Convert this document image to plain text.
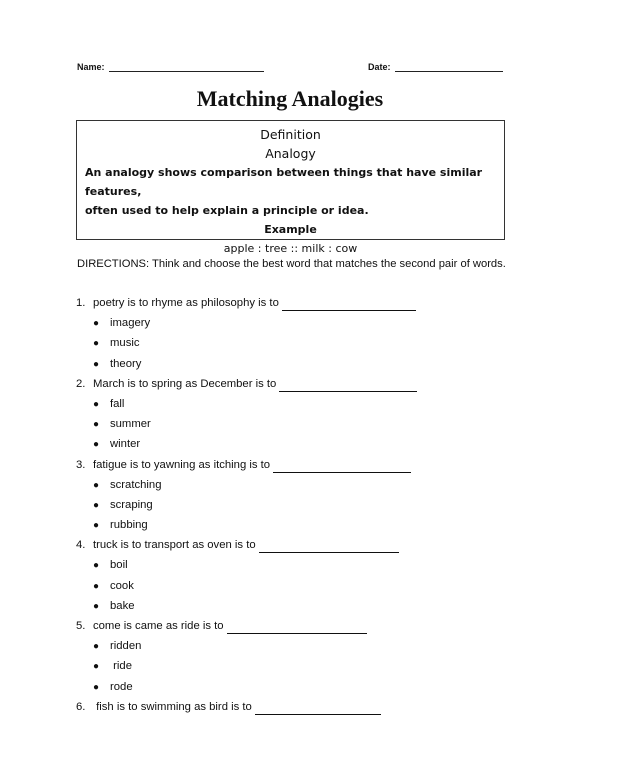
Name:	Date:
Matching Analogies
Definition
Analogy
An analogy shows comparison between things that have similar features,
often used to help explain a principle or idea.
Example
apple : tree :: milk : cow
DIRECTIONS: Think and choose the best word that matches the second pair of words.
1. poetry is to rhyme as philosophy is to
● imagery
● music
● theory
2. March is to spring as December is to
● fall
● summer
● winter
3. fatigue is to yawning as itching is to
● scratching
● scraping
● rubbing
4. truck is to transport as oven is to
● boil
● cook
● bake
5. come is came as ride is to
● ridden
● ride
● rode
6. fish is to swimming as bird is to
